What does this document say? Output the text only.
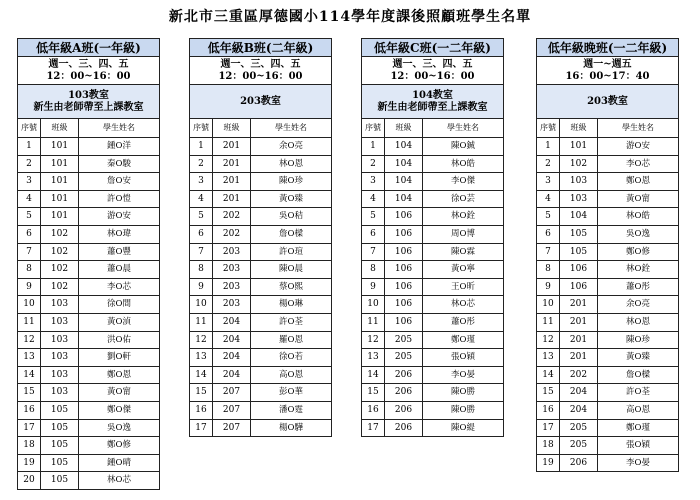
新北市三重區厚德國小114學年度課後照顧班學生名單
低年級A班(一年級)
週一、三、四、五
12：00~16：00
103教室
新生由老師帶至上課教室
序號	班級	學生姓名
1	101	鍾O洋
2	101	秦O駿
3	101	詹O安
4	101	許O愷
5	101	游O安
6	102	林O瑋
7	102	蕭O豐
8	102	蕭O晨
9	102	李O芯
10	103	徐O間
11	103	黃O湞
12	103	洪O佑
13	103	劉O軒
14	103	鄭O恩
15	103	黃O甯
16	105	鄭O傑
17	105	吳O逸
18	105	鄭O修
19	105	鍾O晴
20	105	林O芯
低年級B班(二年級)
週一、三、四、五
12：00~16：00
203教室
序號	班級	學生姓名
1	201	余O亮
2	201	林O恩
3	201	陳O珍
4	201	黃O臻
5	202	吳O秸
6	202	詹O樑
7	203	許O瑄
8	203	陳O晨
9	203	蔡O熙
10	203	楊O琳
11	204	許O荃
12	204	羅O恩
13	204	徐O若
14	204	高O恩
15	207	彭O華
16	207	潘O霆
17	207	楊O驊
低年級C班(一二年級)
週一、三、四、五
12：00~16：00
104教室
新生由老師帶至上課教室
序號	班級	學生姓名
1	104	陳O鋮
2	104	林O皓
3	104	李O傑
4	104	徐O芸
5	106	林O銓
6	106	周O博
7	106	陳O霖
8	106	黃O寧
9	106	王O昕
10	106	林O芯
11	106	蕭O彤
12	205	鄭O瑾
13	205	張O穎
14	206	李O晏
15	206	陳O勝
16	206	陳O勝
17	206	陳O緹
低年級晚班(一二年級)
週一~週五
16：00~17：40
203教室
序號	班級	學生姓名
1	101	游O安
2	102	李O芯
3	103	鄭O恩
4	103	黃O甯
5	104	林O皓
6	105	吳O逸
7	105	鄭O修
8	106	林O銓
9	106	蕭O彤
10	201	余O亮
11	201	林O恩
12	201	陳O珍
13	201	黃O臻
14	202	詹O樑
15	204	許O荃
16	204	高O恩
17	205	鄭O瑾
18	205	張O穎
19	206	李O晏
